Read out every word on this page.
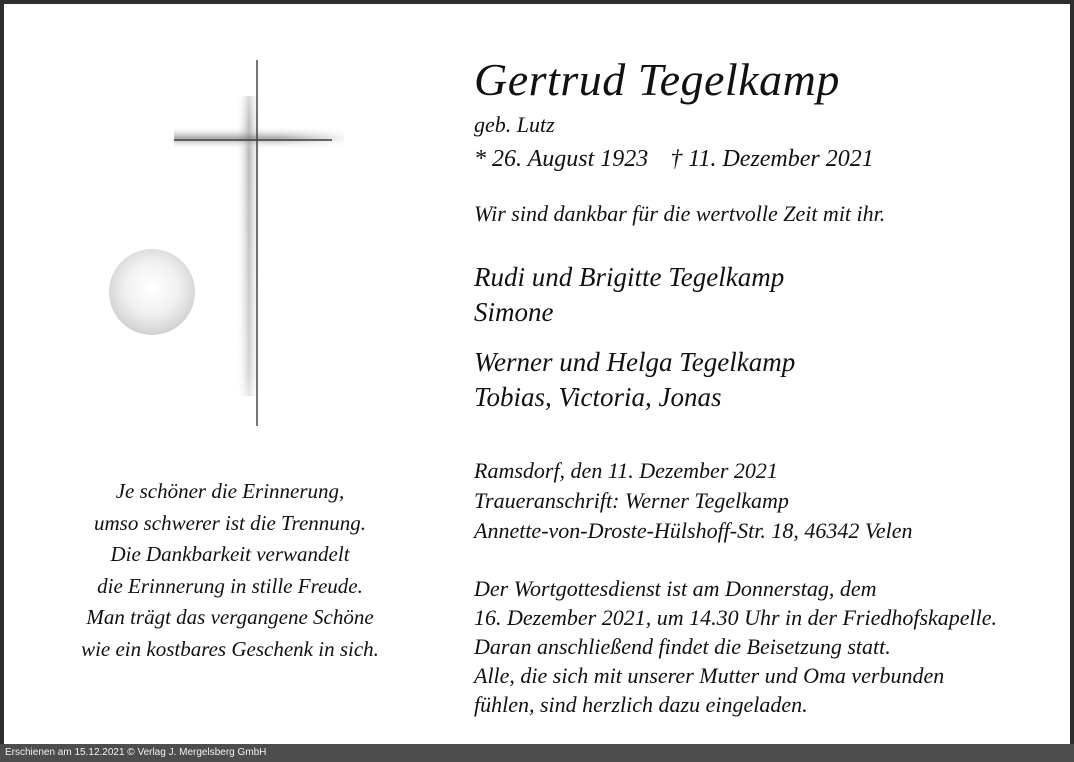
Je schöner die Erinnerung,
umso schwerer ist die Trennung.
Die Dankbarkeit verwandelt
die Erinnerung in stille Freude.
Man trägt das vergangene Schöne
wie ein kostbares Geschenk in sich.
Gertrud Tegelkamp
geb. Lutz
* 26. August 1923 † 11. Dezember 2021
Wir sind dankbar für die wertvolle Zeit mit ihr.
Rudi und Brigitte Tegelkamp
Simone
Werner und Helga Tegelkamp
Tobias, Victoria, Jonas
Ramsdorf, den 11. Dezember 2021
Traueranschrift: Werner Tegelkamp
Annette-von-Droste-Hülshoff-Str. 18, 46342 Velen
Der Wortgottesdienst ist am Donnerstag, dem
16. Dezember 2021, um 14.30 Uhr in der Friedhofskapelle.
Daran anschließend findet die Beisetzung statt.
Alle, die sich mit unserer Mutter und Oma verbunden
fühlen, sind herzlich dazu eingeladen.
Erschienen am 15.12.2021 © Verlag J. Mergelsberg GmbH
